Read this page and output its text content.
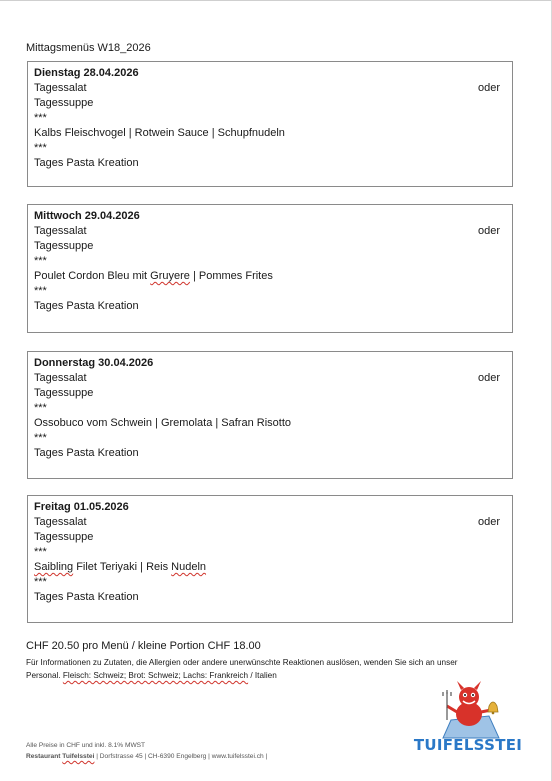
Mittagsmenüs W18_2026
Dienstag 28.04.2026
oder
Tagessalat
Tagessuppe
***
Kalbs Fleischvogel | Rotwein Sauce | Schupfnudeln
***
Tages Pasta Kreation
Mittwoch 29.04.2026
oder
Tagessalat
Tagessuppe
***
Poulet Cordon Bleu mit Gruyere | Pommes Frites
***
Tages Pasta Kreation
Donnerstag 30.04.2026
oder
Tagessalat
Tagessuppe
***
Ossobuco vom Schwein | Gremolata | Safran Risotto
***
Tages Pasta Kreation
Freitag 01.05.2026
oder
Tagessalat
Tagessuppe
***
Saibling Filet Teriyaki | Reis Nudeln
***
Tages Pasta Kreation
CHF 20.50 pro Menü / kleine Portion CHF 18.00
Für Informationen zu Zutaten, die Allergien oder andere unerwünschte Reaktionen auslösen, wenden Sie sich an unser
Personal. Fleisch: Schweiz; Brot: Schweiz; Lachs: Frankreich / Italien
Alle Preise in CHF und inkl. 8.1% MWST
Restaurant Tuifelsstei | Dorfstrasse 45 | CH-6390 Engelberg | www.tuifelsstei.ch |
TUIFELSSTEI
